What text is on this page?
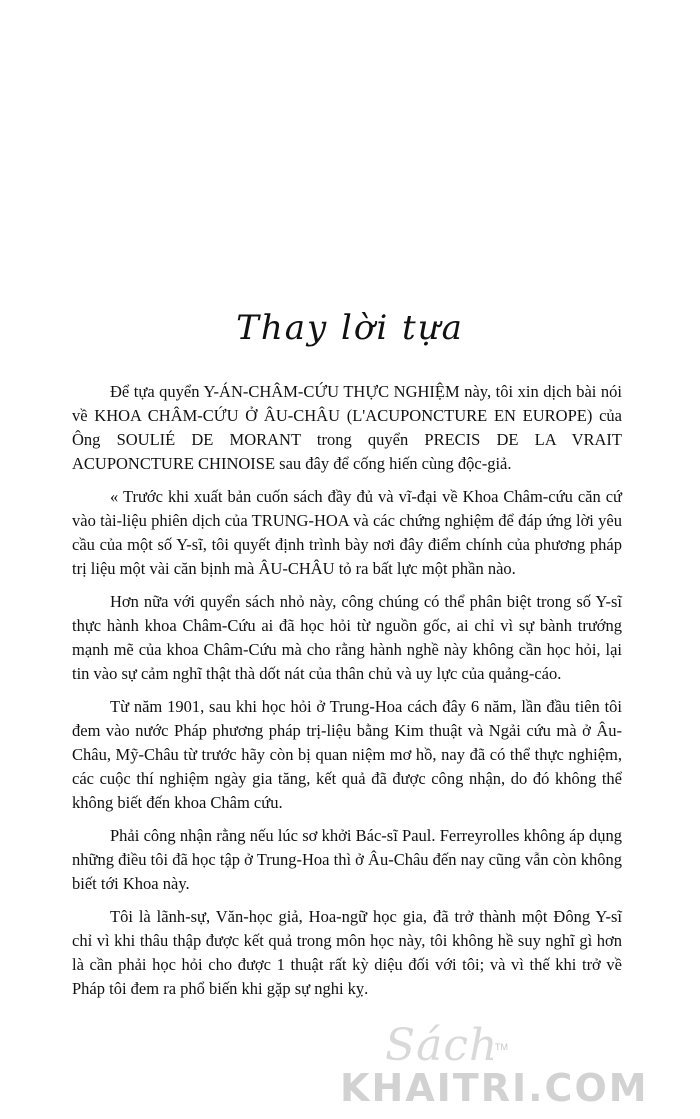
Thay lời tựa

Để tựa quyển Y-ÁN-CHÂM-CỨU THỰC NGHIỆM này, tôi xin dịch bài nói về KHOA CHÂM-CỨU Ở ÂU-CHÂU (L'ACUPONCTURE EN EUROPE) của Ông SOULIÉ DE MORANT trong quyển PRECIS DE LA VRAIT ACUPONCTURE CHINOISE sau đây để cống hiến cùng độc-giả.

« Trước khi xuất bản cuốn sách đầy đủ và vĩ-đại về Khoa Châm-cứu căn cứ vào tài-liệu phiên dịch của TRUNG-HOA và các chứng nghiệm để đáp ứng lời yêu cầu của một số Y-sĩ, tôi quyết định trình bày nơi đây điểm chính của phương pháp trị liệu một vài căn bịnh mà ÂU-CHÂU tỏ ra bất lực một phần nào.

Hơn nữa với quyển sách nhỏ này, công chúng có thể phân biệt trong số Y-sĩ thực hành khoa Châm-Cứu ai đã học hỏi từ nguồn gốc, ai chỉ vì sự bành trướng mạnh mẽ của khoa Châm-Cứu mà cho rằng hành nghề này không cần học hỏi, lại tin vào sự cảm nghĩ thật thà dốt nát của thân chủ và uy lực của quảng-cáo.

Từ năm 1901, sau khi học hỏi ở Trung-Hoa cách đây 6 năm, lần đầu tiên tôi đem vào nước Pháp phương pháp trị-liệu bằng Kim thuật và Ngải cứu mà ở Âu-Châu, Mỹ-Châu từ trước hãy còn bị quan niệm mơ hồ, nay đã có thể thực nghiệm, các cuộc thí nghiệm ngày gia tăng, kết quả đã được công nhận, do đó không thể không biết đến khoa Châm cứu.

Phải công nhận rằng nếu lúc sơ khởi Bác-sĩ Paul. Ferreyrolles không áp dụng những điều tôi đã học tập ở Trung-Hoa thì ở Âu-Châu đến nay cũng vẫn còn không biết tới Khoa này.

Tôi là lãnh-sự, Văn-học giả, Hoa-ngữ học gia, đã trở thành một Đông Y-sĩ chỉ vì khi thâu thập được kết quả trong môn học này, tôi không hề suy nghĩ gì hơn là cần phải học hỏi cho được 1 thuật rất kỳ diệu đối với tôi; và vì thế khi trở về Pháp tôi đem ra phổ biến khi gặp sự nghi kỵ.

Sách
TM
KHAITRI.COM
